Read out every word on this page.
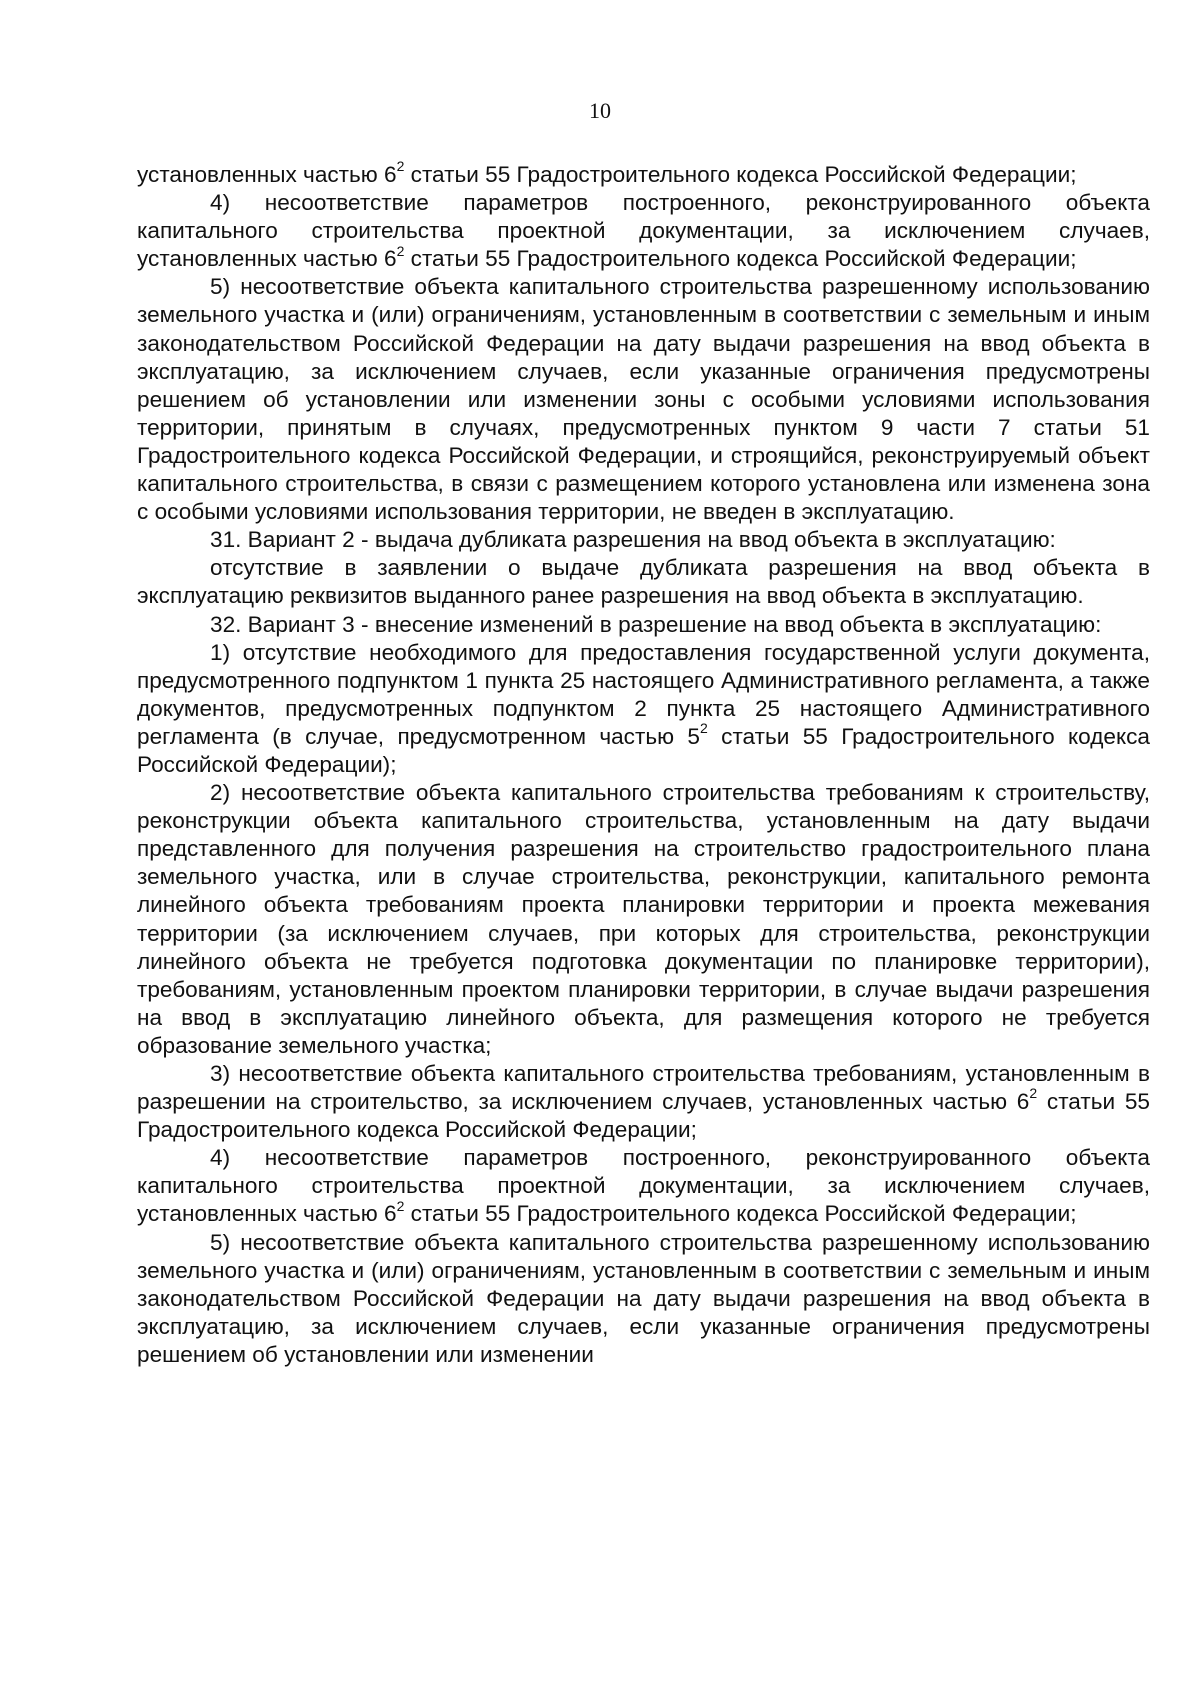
10

установленных частью $6^2$ статьи 55 Градостроительного кодекса Российской Федерации;

4) несоответствие параметров построенного, реконструированного объекта капитального строительства проектной документации, за исключением случаев, установленных частью $6^2$ статьи 55 Градостроительного кодекса Российской Федерации;

5) несоответствие объекта капитального строительства разрешенному использованию земельного участка и (или) ограничениям, установленным в соответствии с земельным и иным законодательством Российской Федерации на дату выдачи разрешения на ввод объекта в эксплуатацию, за исключением случаев, если указанные ограничения предусмотрены решением об установлении или изменении зоны с особыми условиями использования территории, принятым в случаях, предусмотренных пунктом 9 части 7 статьи 51 Градостроительного кодекса Российской Федерации, и строящийся, реконструируемый объект капитального строительства, в связи с размещением которого установлена или изменена зона с особыми условиями использования территории, не введен в эксплуатацию.

31. Вариант 2 - выдача дубликата разрешения на ввод объекта в эксплуатацию:

отсутствие в заявлении о выдаче дубликата разрешения на ввод объекта в эксплуатацию реквизитов выданного ранее разрешения на ввод объекта в эксплуатацию.

32. Вариант 3 - внесение изменений в разрешение на ввод объекта в эксплуатацию:

1) отсутствие необходимого для предоставления государственной услуги документа, предусмотренного подпунктом 1 пункта 25 настоящего Административного регламента, а также документов, предусмотренных подпунктом 2 пункта 25 настоящего Административного регламента (в случае, предусмотренном частью $5^2$ статьи 55 Градостроительного кодекса Российской Федерации);

2) несоответствие объекта капитального строительства требованиям к строительству, реконструкции объекта капитального строительства, установленным на дату выдачи представленного для получения разрешения на строительство градостроительного плана земельного участка, или в случае строительства, реконструкции, капитального ремонта линейного объекта требованиям проекта планировки территории и проекта межевания территории (за исключением случаев, при которых для строительства, реконструкции линейного объекта не требуется подготовка документации по планировке территории), требованиям, установленным проектом планировки территории, в случае выдачи разрешения на ввод в эксплуатацию линейного объекта, для размещения которого не требуется образование земельного участка;

3) несоответствие объекта капитального строительства требованиям, установленным в разрешении на строительство, за исключением случаев, установленных частью $6^2$ статьи 55 Градостроительного кодекса Российской Федерации;

4) несоответствие параметров построенного, реконструированного объекта капитального строительства проектной документации, за исключением случаев, установленных частью $6^2$ статьи 55 Градостроительного кодекса Российской Федерации;

5) несоответствие объекта капитального строительства разрешенному использованию земельного участка и (или) ограничениям, установленным в соответствии с земельным и иным законодательством Российской Федерации на дату выдачи разрешения на ввод объекта в эксплуатацию, за исключением случаев, если указанные ограничения предусмотрены решением об установлении или изменении
